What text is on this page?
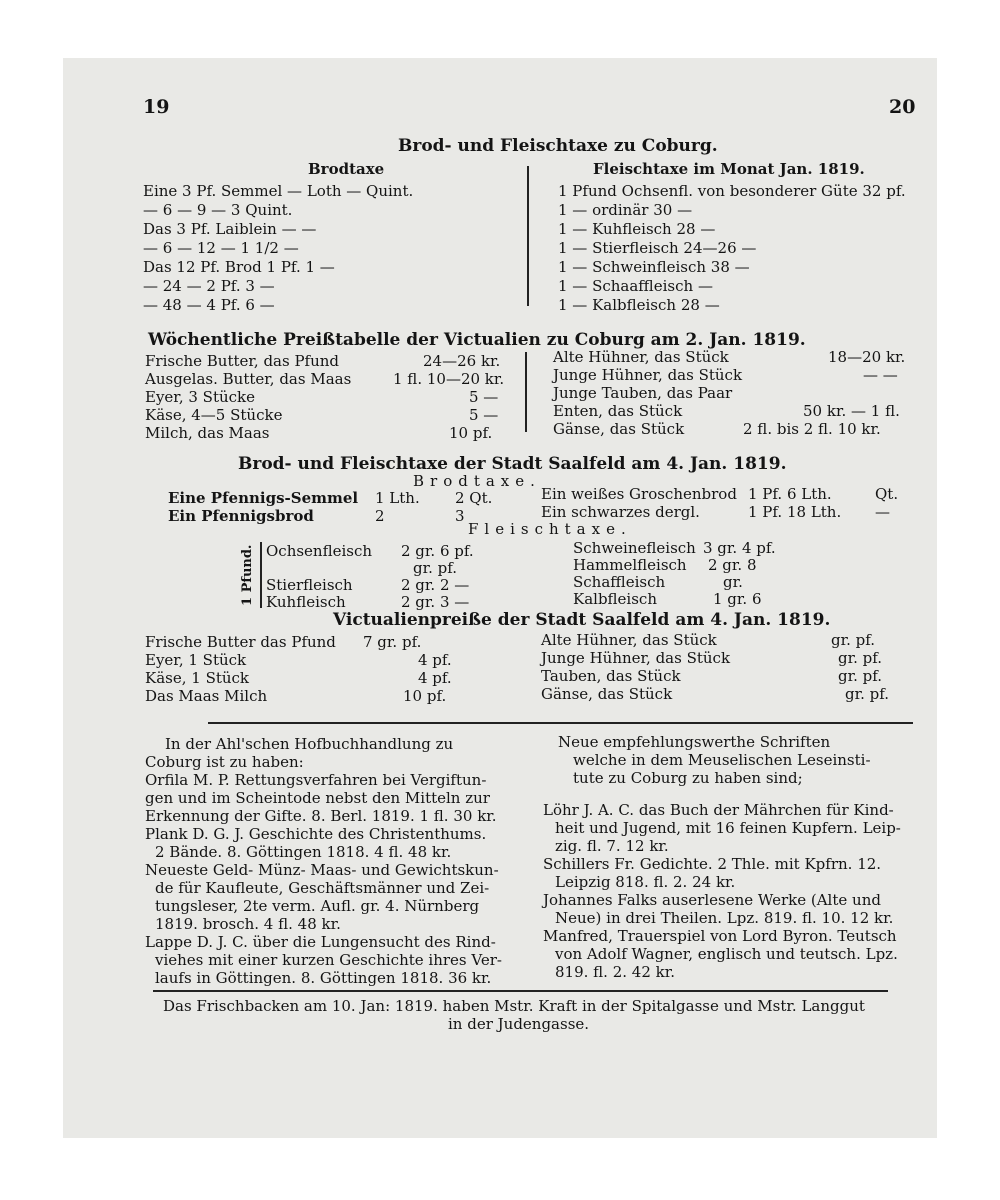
19	20
Brod- und Fleischtaxe zu Coburg.
Brodtaxe	Fleischtaxe im Monat Jan. 1819.
Eine 3 Pf. Semmel — Loth — Quint.
— 6 — 9 — 3 Quint.
Das 3 Pf. Laiblein — —
— 6 — 12 — 1 1/2 —
Das 12 Pf. Brod 1 Pf. 1 —
— 24 — 2 Pf. 3 —
— 48 — 4 Pf. 6 —
1 Pfund Ochsenfl. von besonderer Güte 32 pf.
1 — ordinär 30 —
1 — Kuhfleisch 28 —
1 — Stierfleisch 24—26 —
1 — Schweinfleisch 38 —
1 — Schaaffleisch —
1 — Kalbfleisch 28 —
Wöchentliche Preißtabelle der Victualien zu Coburg am 2. Jan. 1819.
Frische Butter, das Pfund	24—26 kr.
Ausgelas. Butter, das Maas	1 fl. 10—20 kr.
Eyer, 3 Stücke	5 —
Käse, 4—5 Stücke	5 —
Milch, das Maas	10 pf.
Alte Hühner, das Stück	18—20 kr.
Junge Hühner, das Stück	— —
Junge Tauben, das Paar
Enten, das Stück	50 kr. — 1 fl.
Gänse, das Stück	2 fl. bis 2 fl. 10 kr.
Brod- und Fleischtaxe der Stadt Saalfeld am 4. Jan. 1819.
Brodtaxe.
Eine Pfennigs-Semmel 1 Lth. 2 Qt.
Ein Pfennigsbrod	2	3
Ein weißes Groschenbrod 1 Pf. 6 Lth.	Qt.
Ein schwarzes dergl.	1 Pf. 18 Lth. —
Fleischtaxe.
1 Pfund. Ochsenfleisch 2 gr. 6 pf.
gr. pf.
Stierfleisch	2 gr. 2 —
Kuhfleisch	2 gr. 3 —
Schweinefleisch 3 gr. 4 pf.
Hammelfleisch 2 gr. 8
Schaffleisch	gr.
Kalbfleisch	1 gr. 6
Victualienpreiße der Stadt Saalfeld am 4. Jan. 1819.
Frische Butter das Pfund 7 gr. pf.
Eyer, 1 Stück	4 pf.
Käse, 1 Stück	4 pf.
Das Maas Milch	10 pf.
Alte Hühner, das Stück	gr. pf.
Junge Hühner, das Stück	gr. pf.
Tauben, das Stück	gr. pf.
Gänse, das Stück	gr. pf.
In der Ahl'schen Hofbuchhandlung zu
Coburg ist zu haben:
Orfila M. P. Rettungsverfahren bei Vergiftun-
gen und im Scheintode nebst den Mitteln zur
Erkennung der Gifte. 8. Berl. 1819. 1 fl. 30 kr.
Plank D. G. J. Geschichte des Christenthums.
2 Bände. 8. Göttingen 1818. 4 fl. 48 kr.
Neueste Geld- Münz- Maas- und Gewichtskun-
de für Kaufleute, Geschäftsmänner und Zei-
tungsleser, 2te verm. Aufl. gr. 4. Nürnberg
1819. brosch. 4 fl. 48 kr.
Lappe D. J. C. über die Lungensucht des Rind-
viehes mit einer kurzen Geschichte ihres Ver-
laufs in Göttingen. 8. Göttingen 1818. 36 kr.
Neue empfehlungswerthe Schriften
welche in dem Meuselischen Leseinsti-
tute zu Coburg zu haben sind;
Löhr J. A. C. das Buch der Mährchen für Kind-
heit und Jugend, mit 16 feinen Kupfern. Leip-
zig. fl. 7. 12 kr.
Schillers Fr. Gedichte. 2 Thle. mit Kpfrn. 12.
Leipzig 818. fl. 2. 24 kr.
Johannes Falks auserlesene Werke (Alte und
Neue) in drei Theilen. Lpz. 819. fl. 10. 12 kr.
Manfred, Trauerspiel von Lord Byron. Teutsch
von Adolf Wagner, englisch und teutsch. Lpz.
819. fl. 2. 42 kr.
Das Frischbacken am 10. Jan: 1819. haben Mstr. Kraft in der Spitalgasse und Mstr. Langgut
in der Judengasse.
